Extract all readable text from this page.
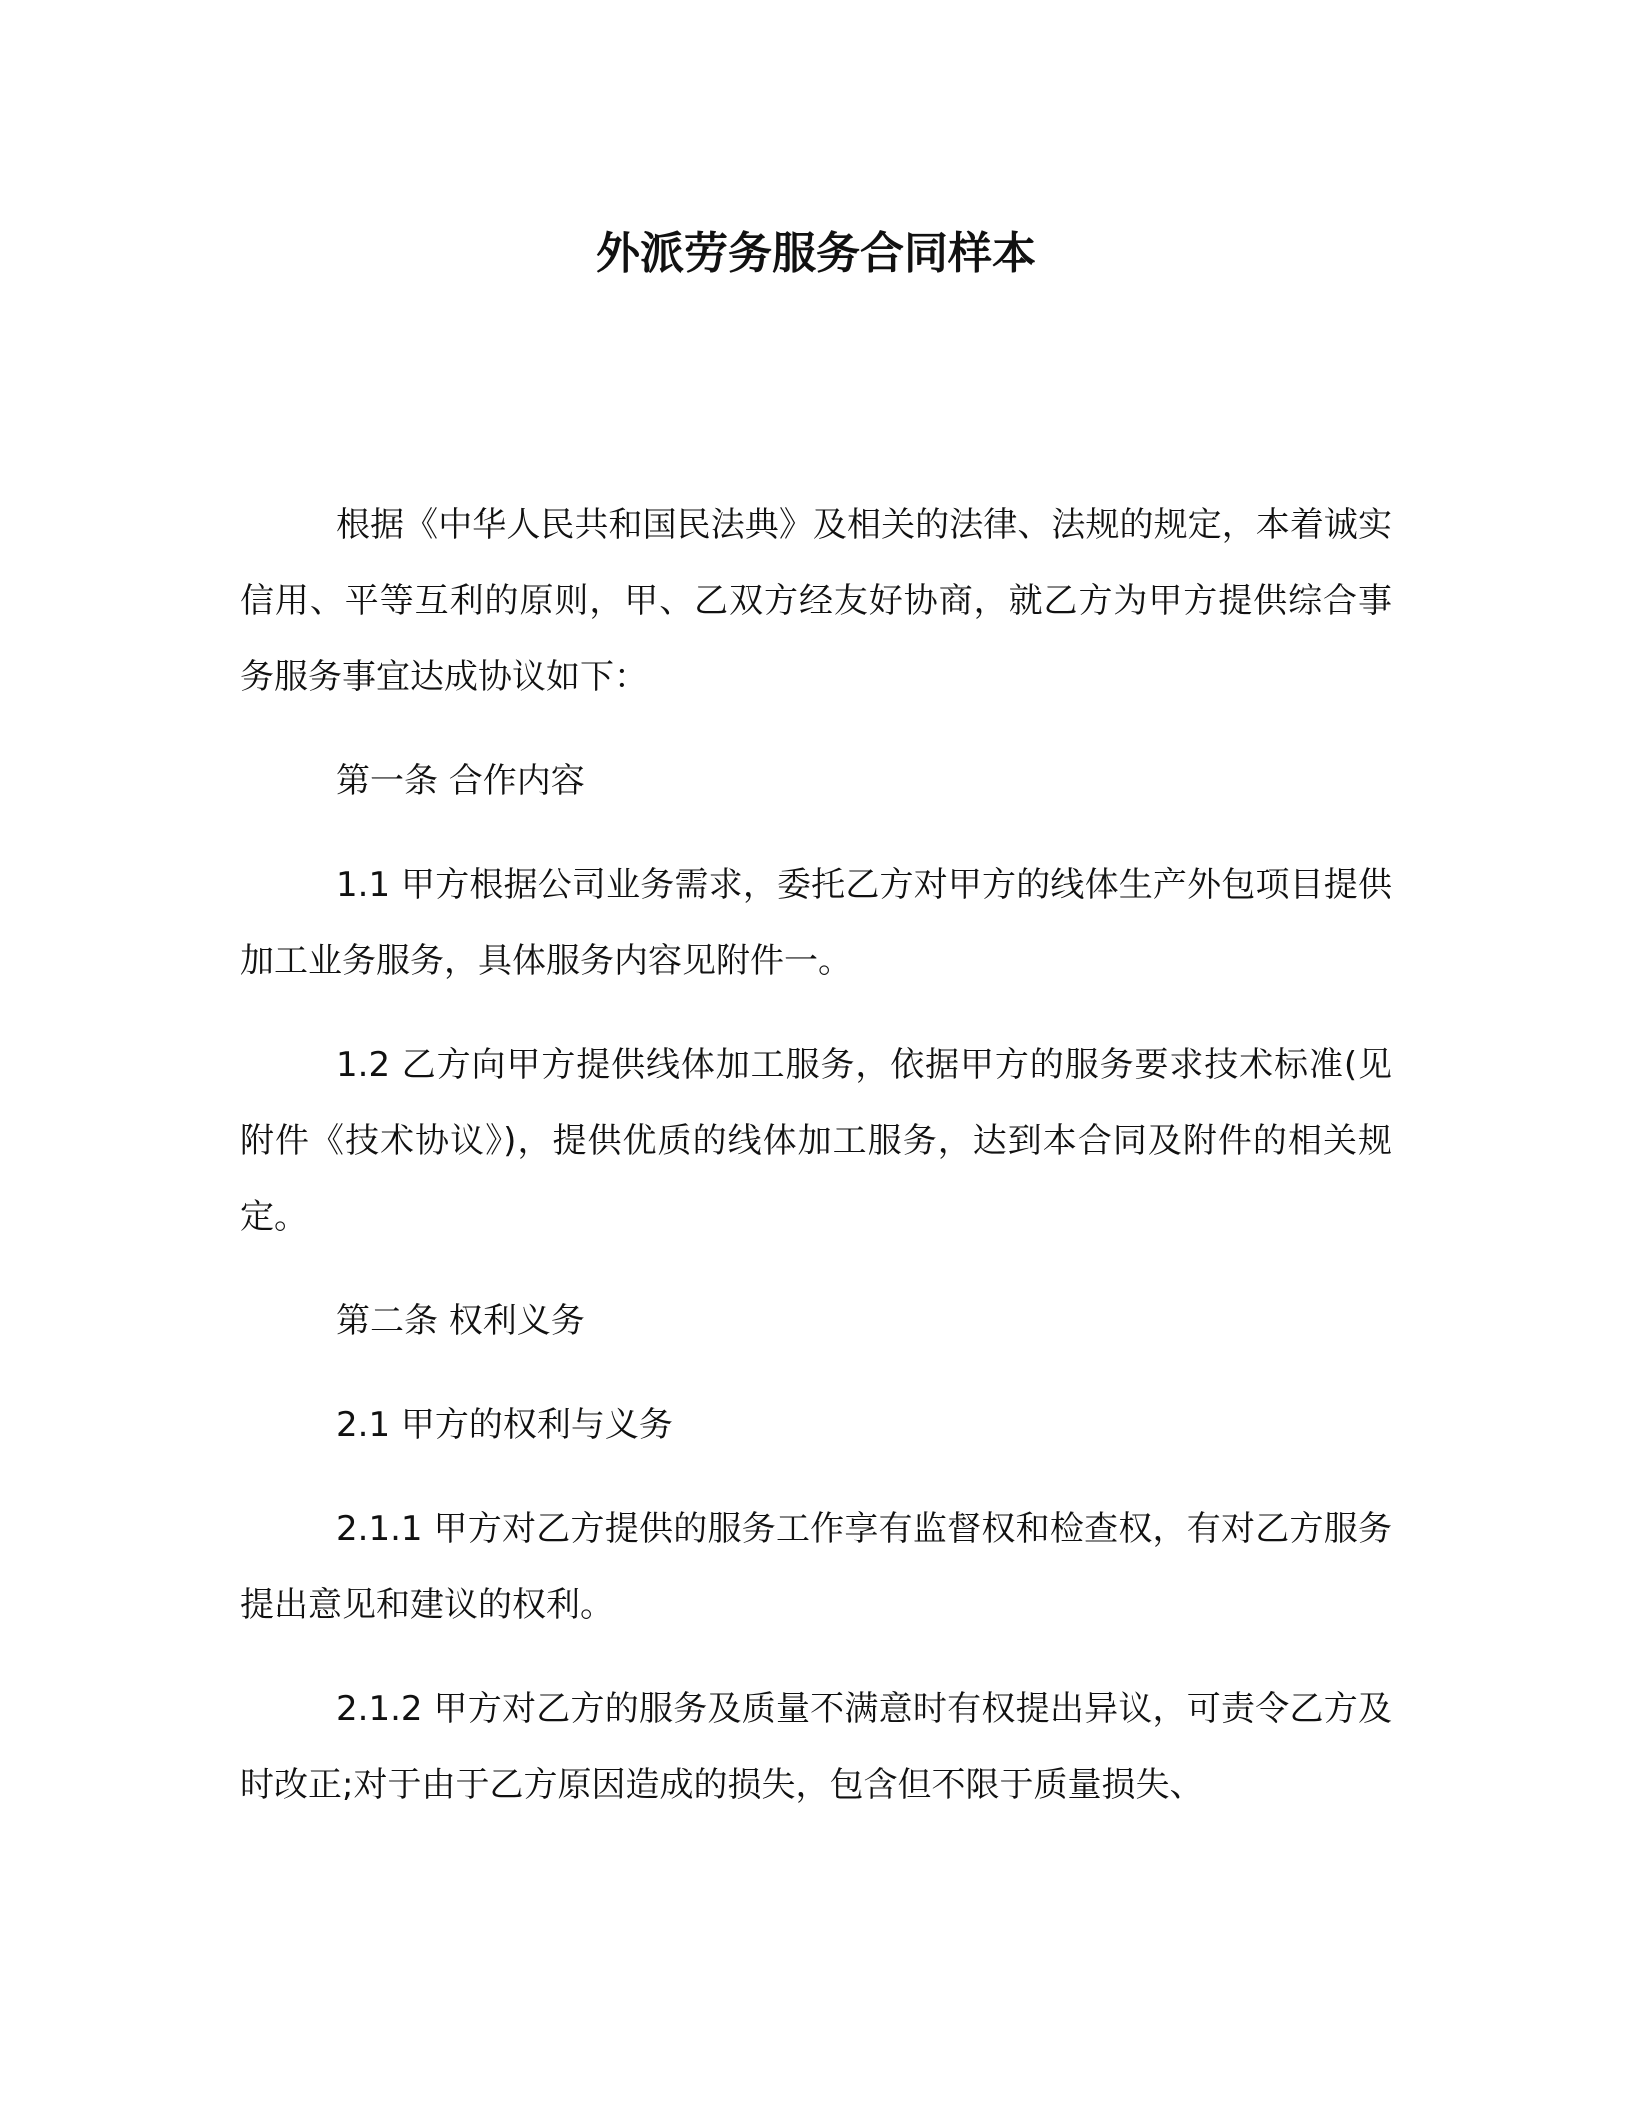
外派劳务服务合同样本

根据《中华人民共和国民法典》及相关的法律、法规的规定，本着诚实信用、平等互利的原则，甲、乙双方经友好协商，就乙方为甲方提供综合事务服务事宜达成协议如下：

第一条 合作内容

1.1 甲方根据公司业务需求，委托乙方对甲方的线体生产外包项目提供加工业务服务，具体服务内容见附件一。

1.2 乙方向甲方提供线体加工服务，依据甲方的服务要求技术标准(见附件《技术协议》)，提供优质的线体加工服务，达到本合同及附件的相关规定。

第二条 权利义务

2.1 甲方的权利与义务

2.1.1 甲方对乙方提供的服务工作享有监督权和检查权，有对乙方服务提出意见和建议的权利。

2.1.2 甲方对乙方的服务及质量不满意时有权提出异议，可责令乙方及时改正;对于由于乙方原因造成的损失，包含但不限于质量损失、
